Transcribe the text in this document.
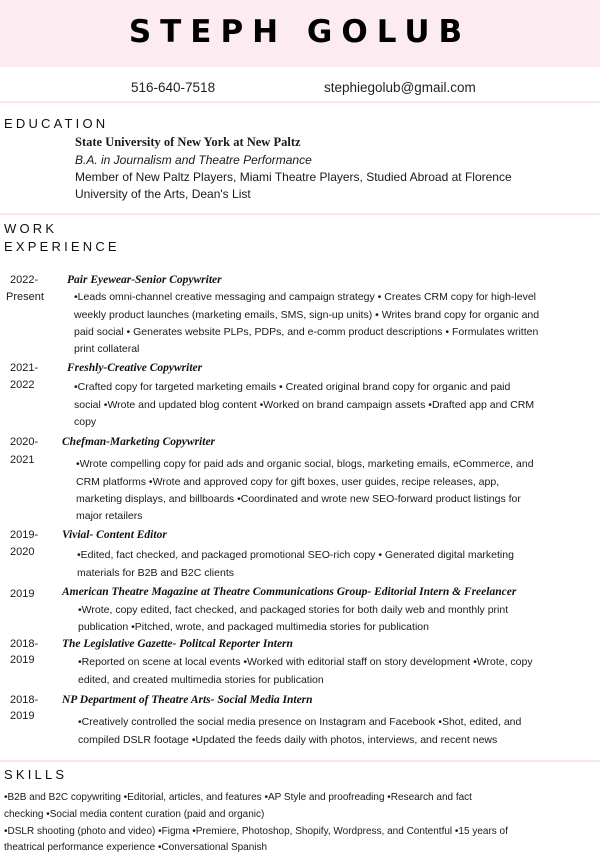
STEPH GOLUB
516-640-7518	stephiegolub@gmail.com
EDUCATION
State University of New York at New Paltz
B.A. in Journalism and Theatre Performance
Member of New Paltz Players, Miami Theatre Players, Studied Abroad at Florence
University of the Arts, Dean's List
WORK
EXPERIENCE
2022-
Present
Pair Eyewear-Senior Copywriter
•Leads omni-channel creative messaging and campaign strategy • Creates CRM copy for high-level
weekly product launches (marketing emails, SMS, sign-up units) • Writes brand copy for organic and
paid social • Generates website PLPs, PDPs, and e-comm product descriptions • Formulates written
print collateral
2021-
2022
Freshly-Creative Copywriter
•Crafted copy for targeted marketing emails • Created original brand copy for organic and paid
social •Wrote and updated blog content •Worked on brand campaign assets •Drafted app and CRM
copy
2020-
2021
Chefman-Marketing Copywriter
•Wrote compelling copy for paid ads and organic social, blogs, marketing emails, eCommerce, and
CRM platforms •Wrote and approved copy for gift boxes, user guides, recipe releases, app,
marketing displays, and billboards •Coordinated and wrote new SEO-forward product listings for
major retailers
2019-
2020
Vivial- Content Editor
•Edited, fact checked, and packaged promotional SEO-rich copy • Generated digital marketing
materials for B2B and B2C clients
2019 American Theatre Magazine at Theatre Communications Group- Editorial Intern & Freelancer
•Wrote, copy edited, fact checked, and packaged stories for both daily web and monthly print
publication •Pitched, wrote, and packaged multimedia stories for publication
2018-
2019
The Legislative Gazette- Politcal Reporter Intern
•Reported on scene at local events •Worked with editorial staff on story development •Wrote, copy
edited, and created multimedia stories for publication
2018-
2019
NP Department of Theatre Arts- Social Media Intern
•Creatively controlled the social media presence on Instagram and Facebook •Shot, edited, and
compiled DSLR footage •Updated the feeds daily with photos, interviews, and recent news
SKILLS
•B2B and B2C copywriting •Editorial, articles, and features •AP Style and proofreading •Research and fact
checking •Social media content curation (paid and organic)
•DSLR shooting (photo and video) •Figma •Premiere, Photoshop, Shopify, Wordpress, and Contentful •15 years of
theatrical performance experience •Conversational Spanish
